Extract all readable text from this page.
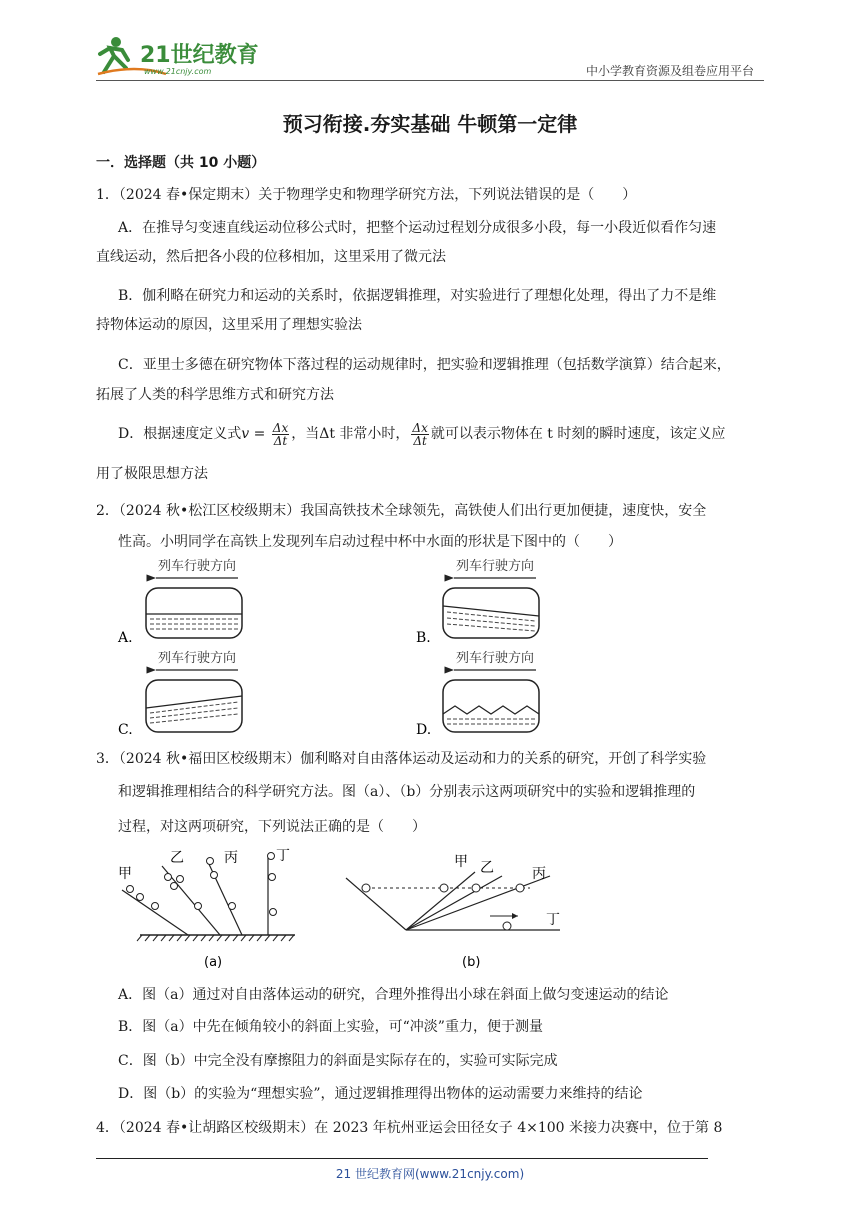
21世纪教育
www.21cnjy.com	中小学教育资源及组卷应用平台
预习衔接.夯实基础 牛顿第一定律
一．选择题（共 10 小题）
1．（2024 春•保定期末）关于物理学史和物理学研究方法，下列说法错误的是（　　）
A．在推导匀变速直线运动位移公式时，把整个运动过程划分成很多小段，每一小段近似看作匀速
直线运动，然后把各小段的位移相加，这里采用了微元法
B．伽利略在研究力和运动的关系时，依据逻辑推理，对实验进行了理想化处理，得出了力不是维
持物体运动的原因，这里采用了理想实验法
C．亚里士多德在研究物体下落过程的运动规律时，把实验和逻辑推理（包括数学演算）结合起来，
拓展了人类的科学思维方式和研究方法
D．根据速度定义式$v = \frac{\Delta x}{\Delta t}$ ，当Δt 非常小时， $\frac{\Delta x}{\Delta t}$ 就可以表示物体在 t 时刻的瞬时速度，该定义应
用了极限思想方法
2．（2024 秋•松江区校级期末）我国高铁技术全球领先，高铁使人们出行更加便捷，速度快，安全
性高。小明同学在高铁上发现列车启动过程中杯中水面的形状是下图中的（　　）
列车行驶方向
A.
列车行驶方向
B.
列车行驶方向
C.
列车行驶方向
D.
3．（2024 秋•福田区校级期末）伽利略对自由落体运动及运动和力的关系的研究，开创了科学实验
和逻辑推理相结合的科学研究方法。图（a）、（b）分别表示这两项研究中的实验和逻辑推理的
过程，对这两项研究，下列说法正确的是（　　）
甲
乙	丙	丁
(a)
甲 乙	丙
丁
(b)
A．图（a）通过对自由落体运动的研究，合理外推得出小球在斜面上做匀变速运动的结论
B．图（a）中先在倾角较小的斜面上实验，可“冲淡”重力，便于测量
C．图（b）中完全没有摩擦阻力的斜面是实际存在的，实验可实际完成
D．图（b）的实验为“理想实验”，通过逻辑推理得出物体的运动需要力来维持的结论
4．（2024 春•让胡路区校级期末）在 2023 年杭州亚运会田径女子 4×100 米接力决赛中，位于第 8
21 世纪教育网(www.21cnjy.com)
